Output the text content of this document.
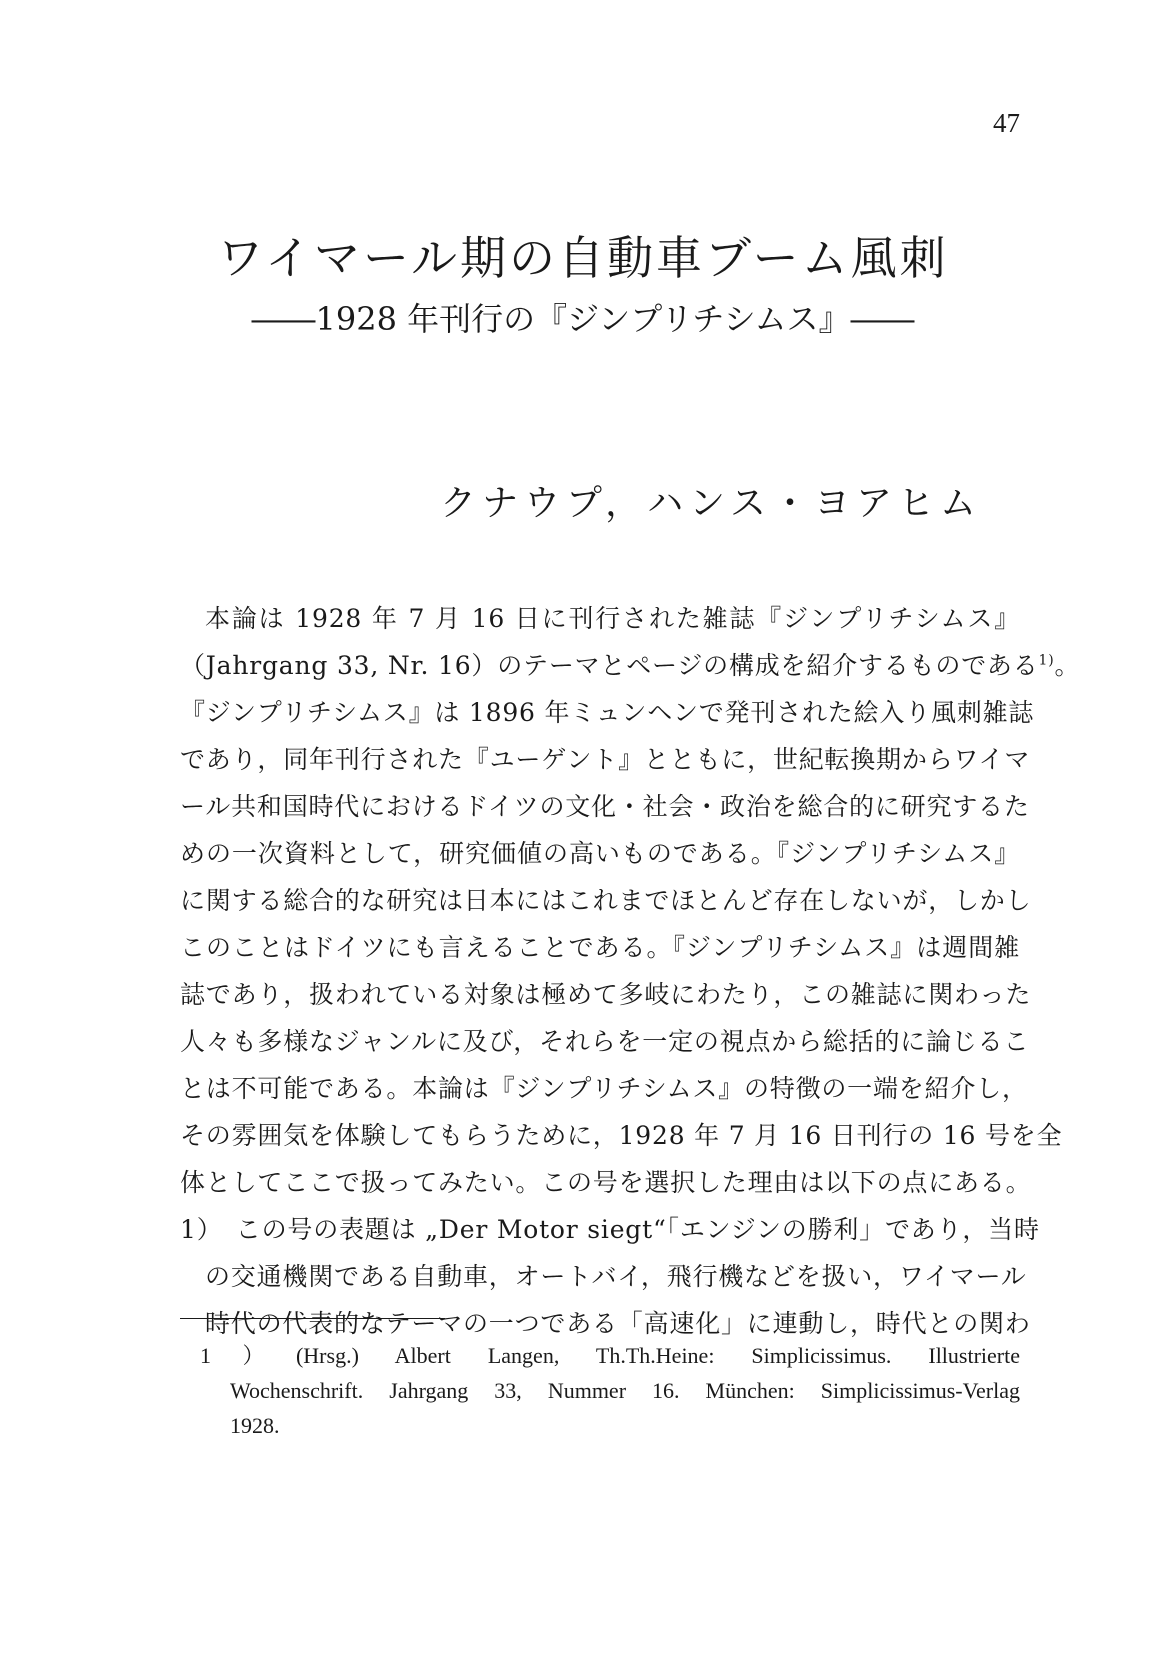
47
ワイマール期の自動車ブーム風刺
――1928 年刊行の『ジンプリチシムス』――
クナウプ，ハンス・ヨアヒム
本論は 1928 年 7 月 16 日に刊行された雑誌『ジンプリチシムス』
（Jahrgang 33, Nr. 16）のテーマとページの構成を紹介するものである$^{1)}$。
『ジンプリチシムス』は 1896 年ミュンヘンで発刊された絵入り風刺雑誌
であり，同年刊行された『ユーゲント』とともに，世紀転換期からワイマ
ール共和国時代におけるドイツの文化・社会・政治を総合的に研究するた
めの一次資料として，研究価値の高いものである。『ジンプリチシムス』
に関する総合的な研究は日本にはこれまでほとんど存在しないが，しかし
このことはドイツにも言えることである。『ジンプリチシムス』は週間雑
誌であり，扱われている対象は極めて多岐にわたり，この雑誌に関わった
人々も多様なジャンルに及び，それらを一定の視点から総括的に論じるこ
とは不可能である。本論は『ジンプリチシムス』の特徴の一端を紹介し，
その雰囲気を体験してもらうために，1928 年 7 月 16 日刊行の 16 号を全
体としてここで扱ってみたい。この号を選択した理由は以下の点にある。
1）　この号の表題は „Der Motor siegt“「エンジンの勝利」であり，当時
の交通機関である自動車，オートバイ，飛行機などを扱い，ワイマール
時代の代表的なテーマの一つである「高速化」に連動し，時代との関わ
1）(Hrsg.) Albert Langen, Th.Th.Heine: Simplicissimus. Illustrierte
Wochenschrift. Jahrgang 33, Nummer 16. München: Simplicissimus-Verlag
1928.
